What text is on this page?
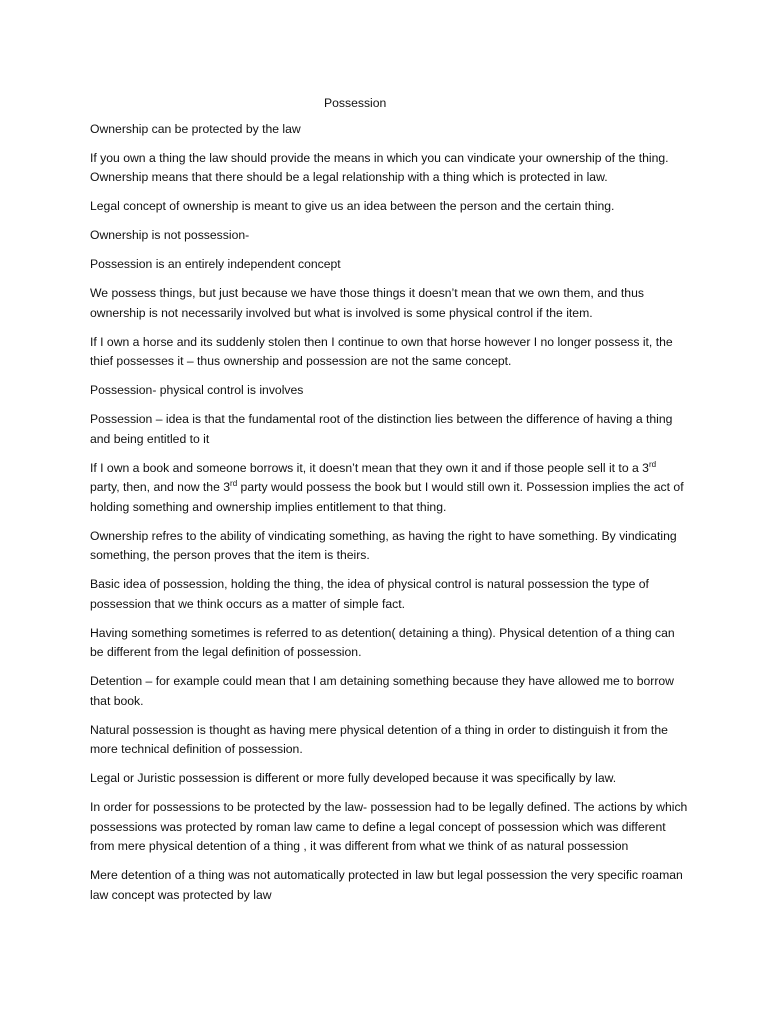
Possession

Ownership can be protected by the law

If you own a thing the law should provide the means in which you can vindicate your ownership of the thing. Ownership means that there should be a legal relationship with a thing which is protected in law.

Legal concept of ownership is meant to give us an idea between the person and the certain thing.

Ownership is not possession-

Possession is an entirely independent concept

We possess things, but just because we have those things it doesn’t mean that we own them, and thus ownership is not necessarily involved but what is involved is some physical control if the item.

If I own a horse and its suddenly stolen then I continue to own that horse however I no longer possess it, the thief possesses it – thus ownership and possession are not the same concept.

Possession- physical control is involves

Possession – idea is that the fundamental root of the distinction lies between the difference of having a thing and being entitled to it

If I own a book and someone borrows it, it doesn’t mean that they own it and if those people sell it to a 3rd party, then, and now the 3rd party would possess the book but I would still own it. Possession implies the act of holding something and ownership implies entitlement to that thing.

Ownership refres to the ability of vindicating something, as having the right to have something. By vindicating something, the person proves that the item is theirs.

Basic idea of possession, holding the thing, the idea of physical control is natural possession the type of possession that we think occurs as a matter of simple fact.

Having something sometimes is referred to as detention( detaining a thing). Physical detention of a thing can be different from the legal definition of possession.

Detention – for example could mean that I am detaining something because they have allowed me to borrow that book.

Natural possession is thought as having mere physical detention of a thing in order to distinguish it from the more technical definition of possession.

Legal or Juristic possession is different or more fully developed because it was specifically by law.

In order for possessions to be protected by the law- possession had to be legally defined. The actions by which possessions was protected by roman law came to define a legal concept of possession which was different from mere physical detention of a thing , it was different from what we think of as natural possession

Mere detention of a thing was not automatically protected in law but legal possession the very specific roaman law concept was protected by law
